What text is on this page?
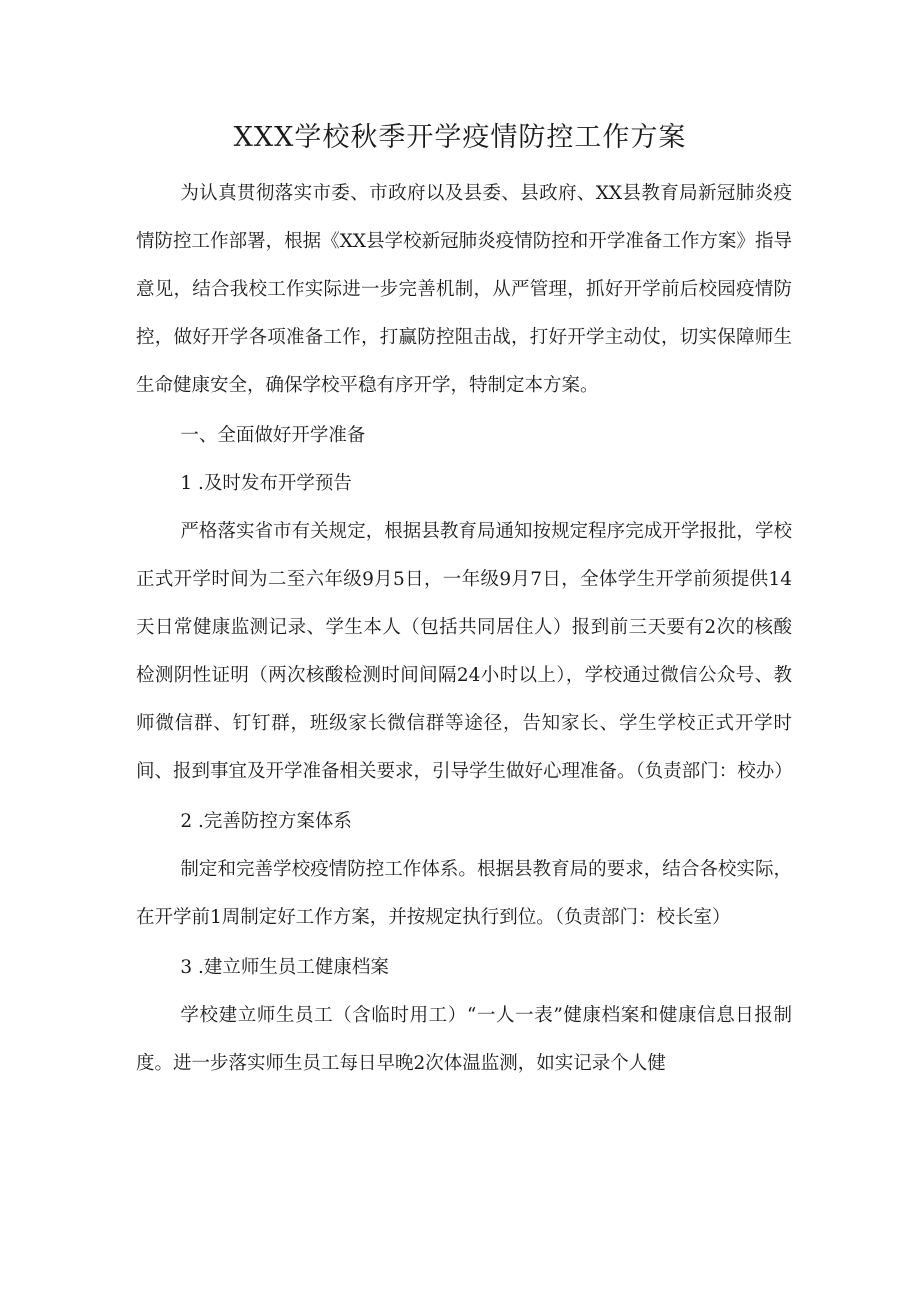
XXX学校秋季开学疫情防控工作方案

为认真贯彻落实市委、市政府以及县委、县政府、XX县教育局新冠肺炎疫情防控工作部署，根据《XX县学校新冠肺炎疫情防控和开学准备工作方案》指导意见，结合我校工作实际进一步完善机制，从严管理，抓好开学前后校园疫情防控，做好开学各项准备工作，打赢防控阻击战，打好开学主动仗，切实保障师生生命健康安全，确保学校平稳有序开学，特制定本方案。

一、全面做好开学准备

1 .及时发布开学预告

严格落实省市有关规定，根据县教育局通知按规定程序完成开学报批，学校正式开学时间为二至六年级9月5日，一年级9月7日，全体学生开学前须提供14天日常健康监测记录、学生本人（包括共同居住人）报到前三天要有2次的核酸检测阴性证明（两次核酸检测时间间隔24小时以上），学校通过微信公众号、教师微信群、钉钉群，班级家长微信群等途径，告知家长、学生学校正式开学时间、报到事宜及开学准备相关要求，引导学生做好心理准备。（负责部门：校办）

2 .完善防控方案体系

制定和完善学校疫情防控工作体系。根据县教育局的要求，结合各校实际，在开学前1周制定好工作方案，并按规定执行到位。（负责部门：校长室）

3 .建立师生员工健康档案

学校建立师生员工（含临时用工）“一人一表”健康档案和健康信息日报制度。进一步落实师生员工每日早晚2次体温监测，如实记录个人健
